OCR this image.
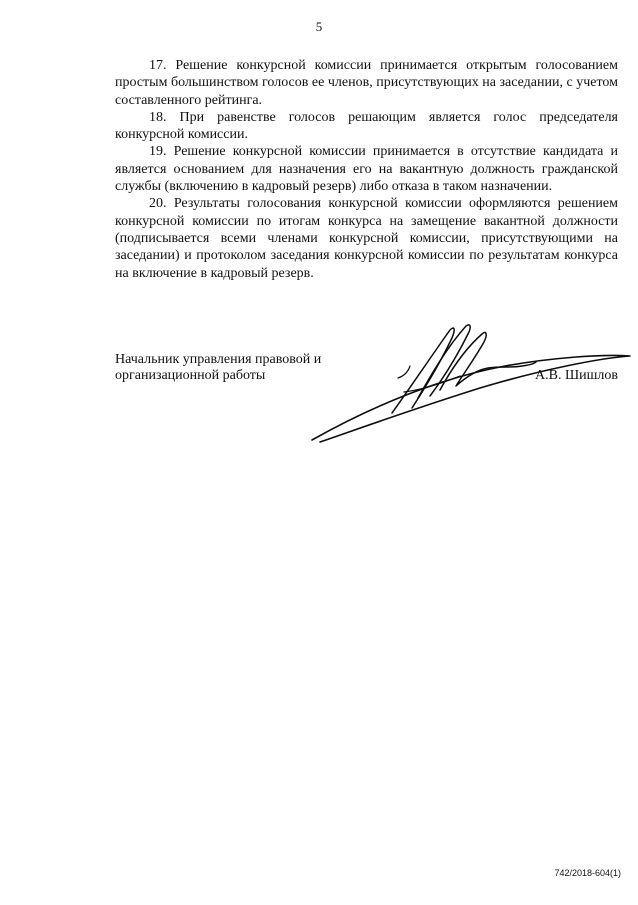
5

17. Решение конкурсной комиссии принимается открытым голосованием простым большинством голосов ее членов, присутствующих на заседании, с учетом составленного рейтинга.

18. При равенстве голосов решающим является голос председателя конкурсной комиссии.

19. Решение конкурсной комиссии принимается в отсутствие кандидата и является основанием для назначения его на вакантную должность гражданской службы (включению в кадровый резерв) либо отказа в таком назначении.

20. Результаты голосования конкурсной комиссии оформляются решением конкурсной комиссии по итогам конкурса на замещение вакантной должности (подписывается всеми членами конкурсной комиссии, присутствующими на заседании) и протоколом заседания конкурсной комиссии по результатам конкурса на включение в кадровый резерв.

Начальник управления правовой и организационной работы	А.В. Шишлов

742/2018-604(1)
